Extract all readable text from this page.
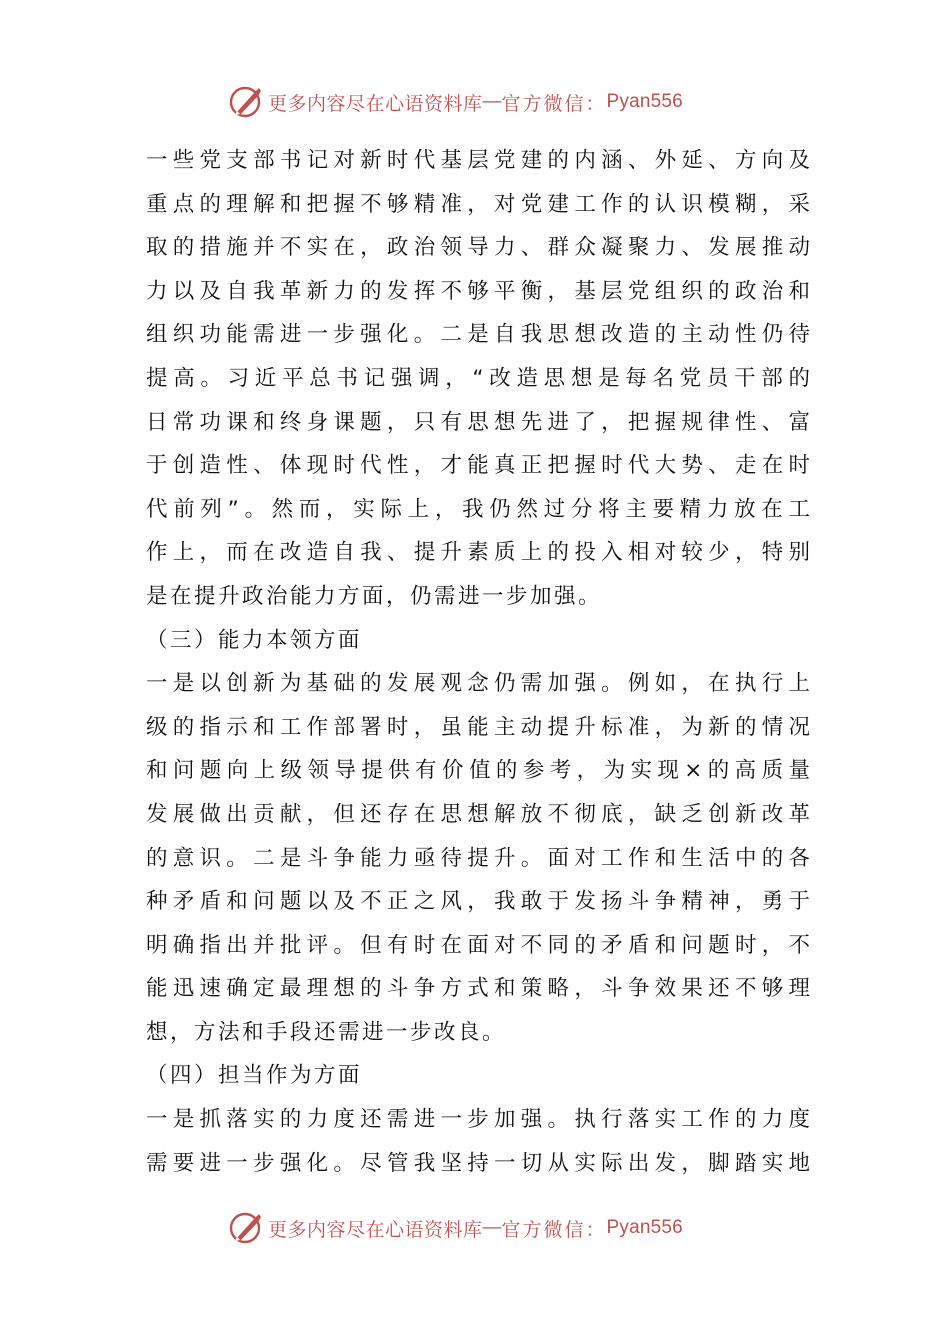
更多内容尽在心语资料库 — 官方微信： Pyan556
一些党支部书记对新时代基层党建的内涵、外延、方向及
重点的理解和把握不够精准，对党建工作的认识模糊，采
取的措施并不实在，政治领导力、群众凝聚力、发展推动
力以及自我革新力的发挥不够平衡，基层党组织的政治和
组织功能需进一步强化。二是自我思想改造的主动性仍待
提高。习近平总书记强调，“改造思想是每名党员干部的
日常功课和终身课题，只有思想先进了，把握规律性、富
于创造性、体现时代性，才能真正把握时代大势、走在时
代前列”。然而，实际上，我仍然过分将主要精力放在工
作上，而在改造自我、提升素质上的投入相对较少，特别
是在提升政治能力方面，仍需进一步加强。
（三）能力本领方面
一是以创新为基础的发展观念仍需加强。例如，在执行上
级的指示和工作部署时，虽能主动提升标准，为新的情况
和问题向上级领导提供有价值的参考，为实现×的高质量
发展做出贡献，但还存在思想解放不彻底，缺乏创新改革
的意识。二是斗争能力亟待提升。面对工作和生活中的各
种矛盾和问题以及不正之风，我敢于发扬斗争精神，勇于
明确指出并批评。但有时在面对不同的矛盾和问题时，不
能迅速确定最理想的斗争方式和策略，斗争效果还不够理
想，方法和手段还需进一步改良。
（四）担当作为方面
一是抓落实的力度还需进一步加强。执行落实工作的力度
需要进一步强化。尽管我坚持一切从实际出发，脚踏实地
更多内容尽在心语资料库 — 官方微信： Pyan556
